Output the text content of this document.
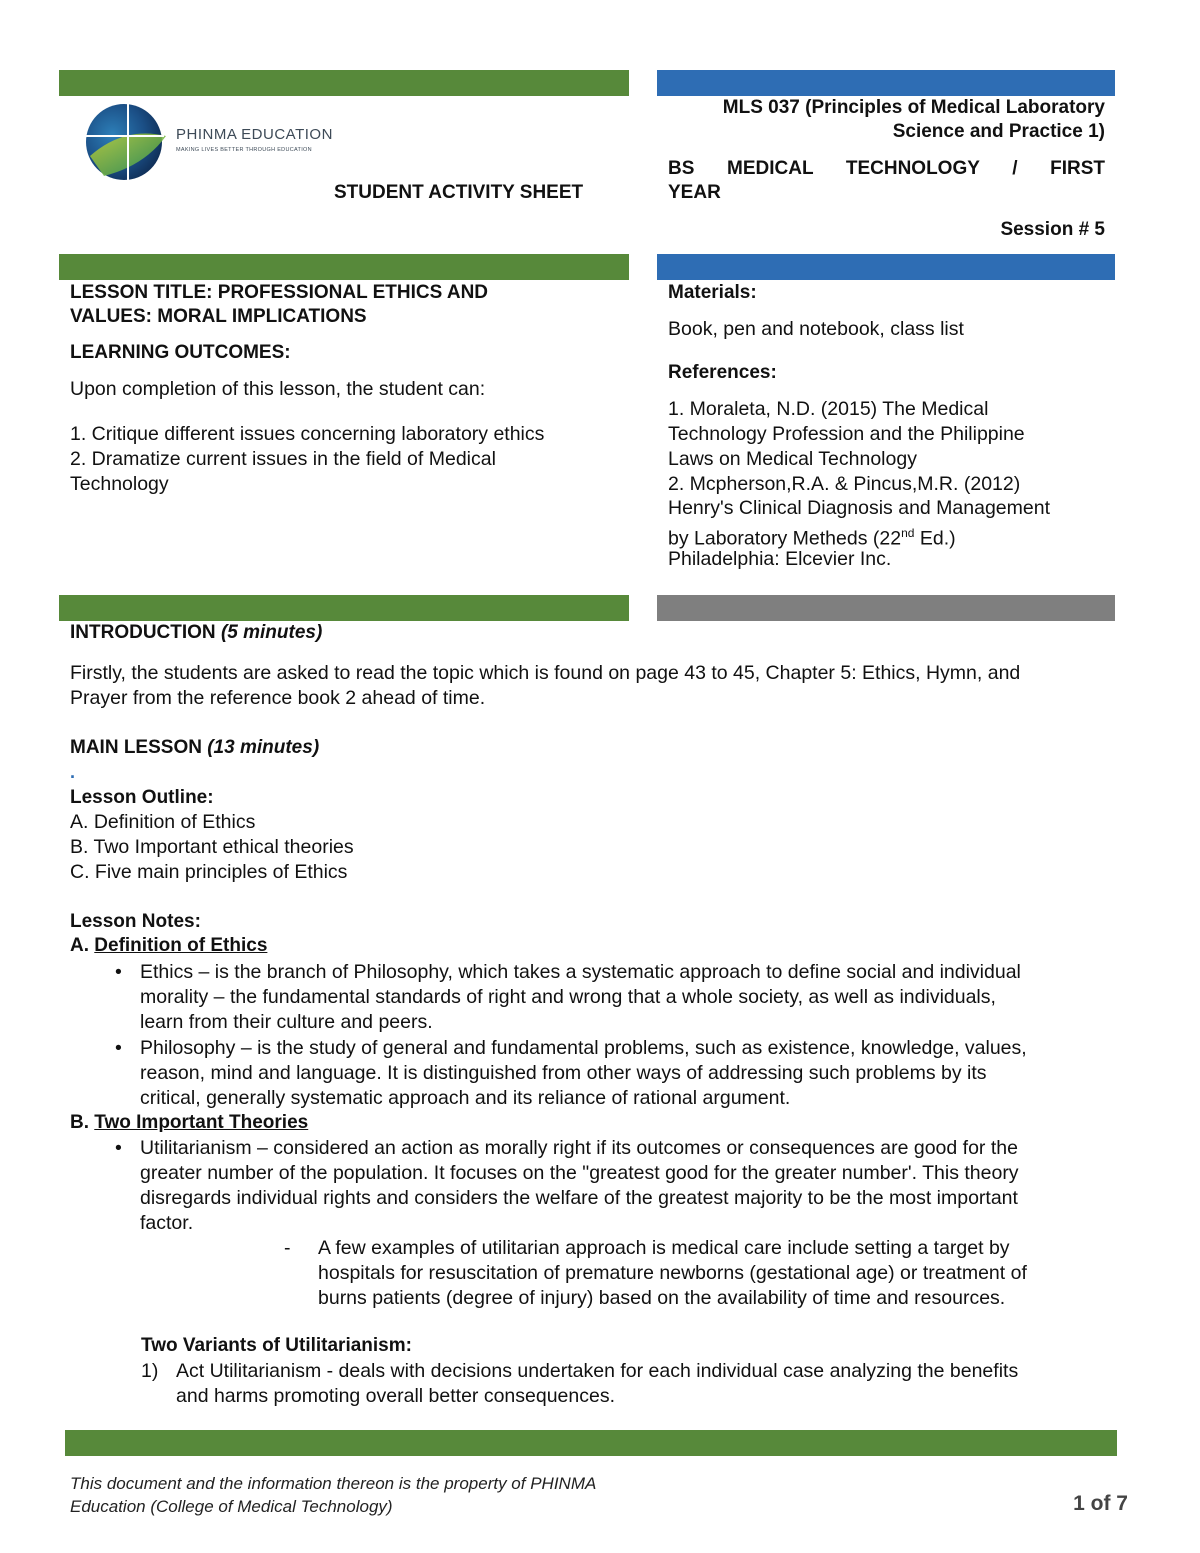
PHINMA EDUCATION
MAKING LIVES BETTER THROUGH EDUCATION
STUDENT ACTIVITY SHEET
MLS 037 (Principles of Medical Laboratory
Science and Practice 1)
BS MEDICAL TECHNOLOGY / FIRST
YEAR
Session # 5
LESSON TITLE: PROFESSIONAL ETHICS AND
VALUES: MORAL IMPLICATIONS
LEARNING OUTCOMES:
Upon completion of this lesson, the student can:
1. Critique different issues concerning laboratory ethics
2. Dramatize current issues in the field of Medical
Technology
Materials:
Book, pen and notebook, class list
References:
1. Moraleta, N.D. (2015) The Medical
Technology Profession and the Philippine
Laws on Medical Technology
2. Mcpherson,R.A. & Pincus,M.R. (2012)
Henry's Clinical Diagnosis and Management
by Laboratory Metheds (22nd Ed.)
Philadelphia: Elcevier Inc.
INTRODUCTION (5 minutes)
Firstly, the students are asked to read the topic which is found on page 43 to 45, Chapter 5: Ethics, Hymn, and
Prayer from the reference book 2 ahead of time.
MAIN LESSON (13 minutes)
.
Lesson Outline:
A. Definition of Ethics
B. Two Important ethical theories
C. Five main principles of Ethics
Lesson Notes:
A. Definition of Ethics
• Ethics – is the branch of Philosophy, which takes a systematic approach to define social and individual
morality – the fundamental standards of right and wrong that a whole society, as well as individuals,
learn from their culture and peers.
• Philosophy – is the study of general and fundamental problems, such as existence, knowledge, values,
reason, mind and language. It is distinguished from other ways of addressing such problems by its
critical, generally systematic approach and its reliance of rational argument.
B. Two Important Theories
• Utilitarianism – considered an action as morally right if its outcomes or consequences are good for the
greater number of the population. It focuses on the "greatest good for the greater number'. This theory
disregards individual rights and considers the welfare of the greatest majority to be the most important
factor.
- A few examples of utilitarian approach is medical care include setting a target by
hospitals for resuscitation of premature newborns (gestational age) or treatment of
burns patients (degree of injury) based on the availability of time and resources.
Two Variants of Utilitarianism:
1) Act Utilitarianism - deals with decisions undertaken for each individual case analyzing the benefits
and harms promoting overall better consequences.
This document and the information thereon is the property of PHINMA
Education (College of Medical Technology)	1 of 7
